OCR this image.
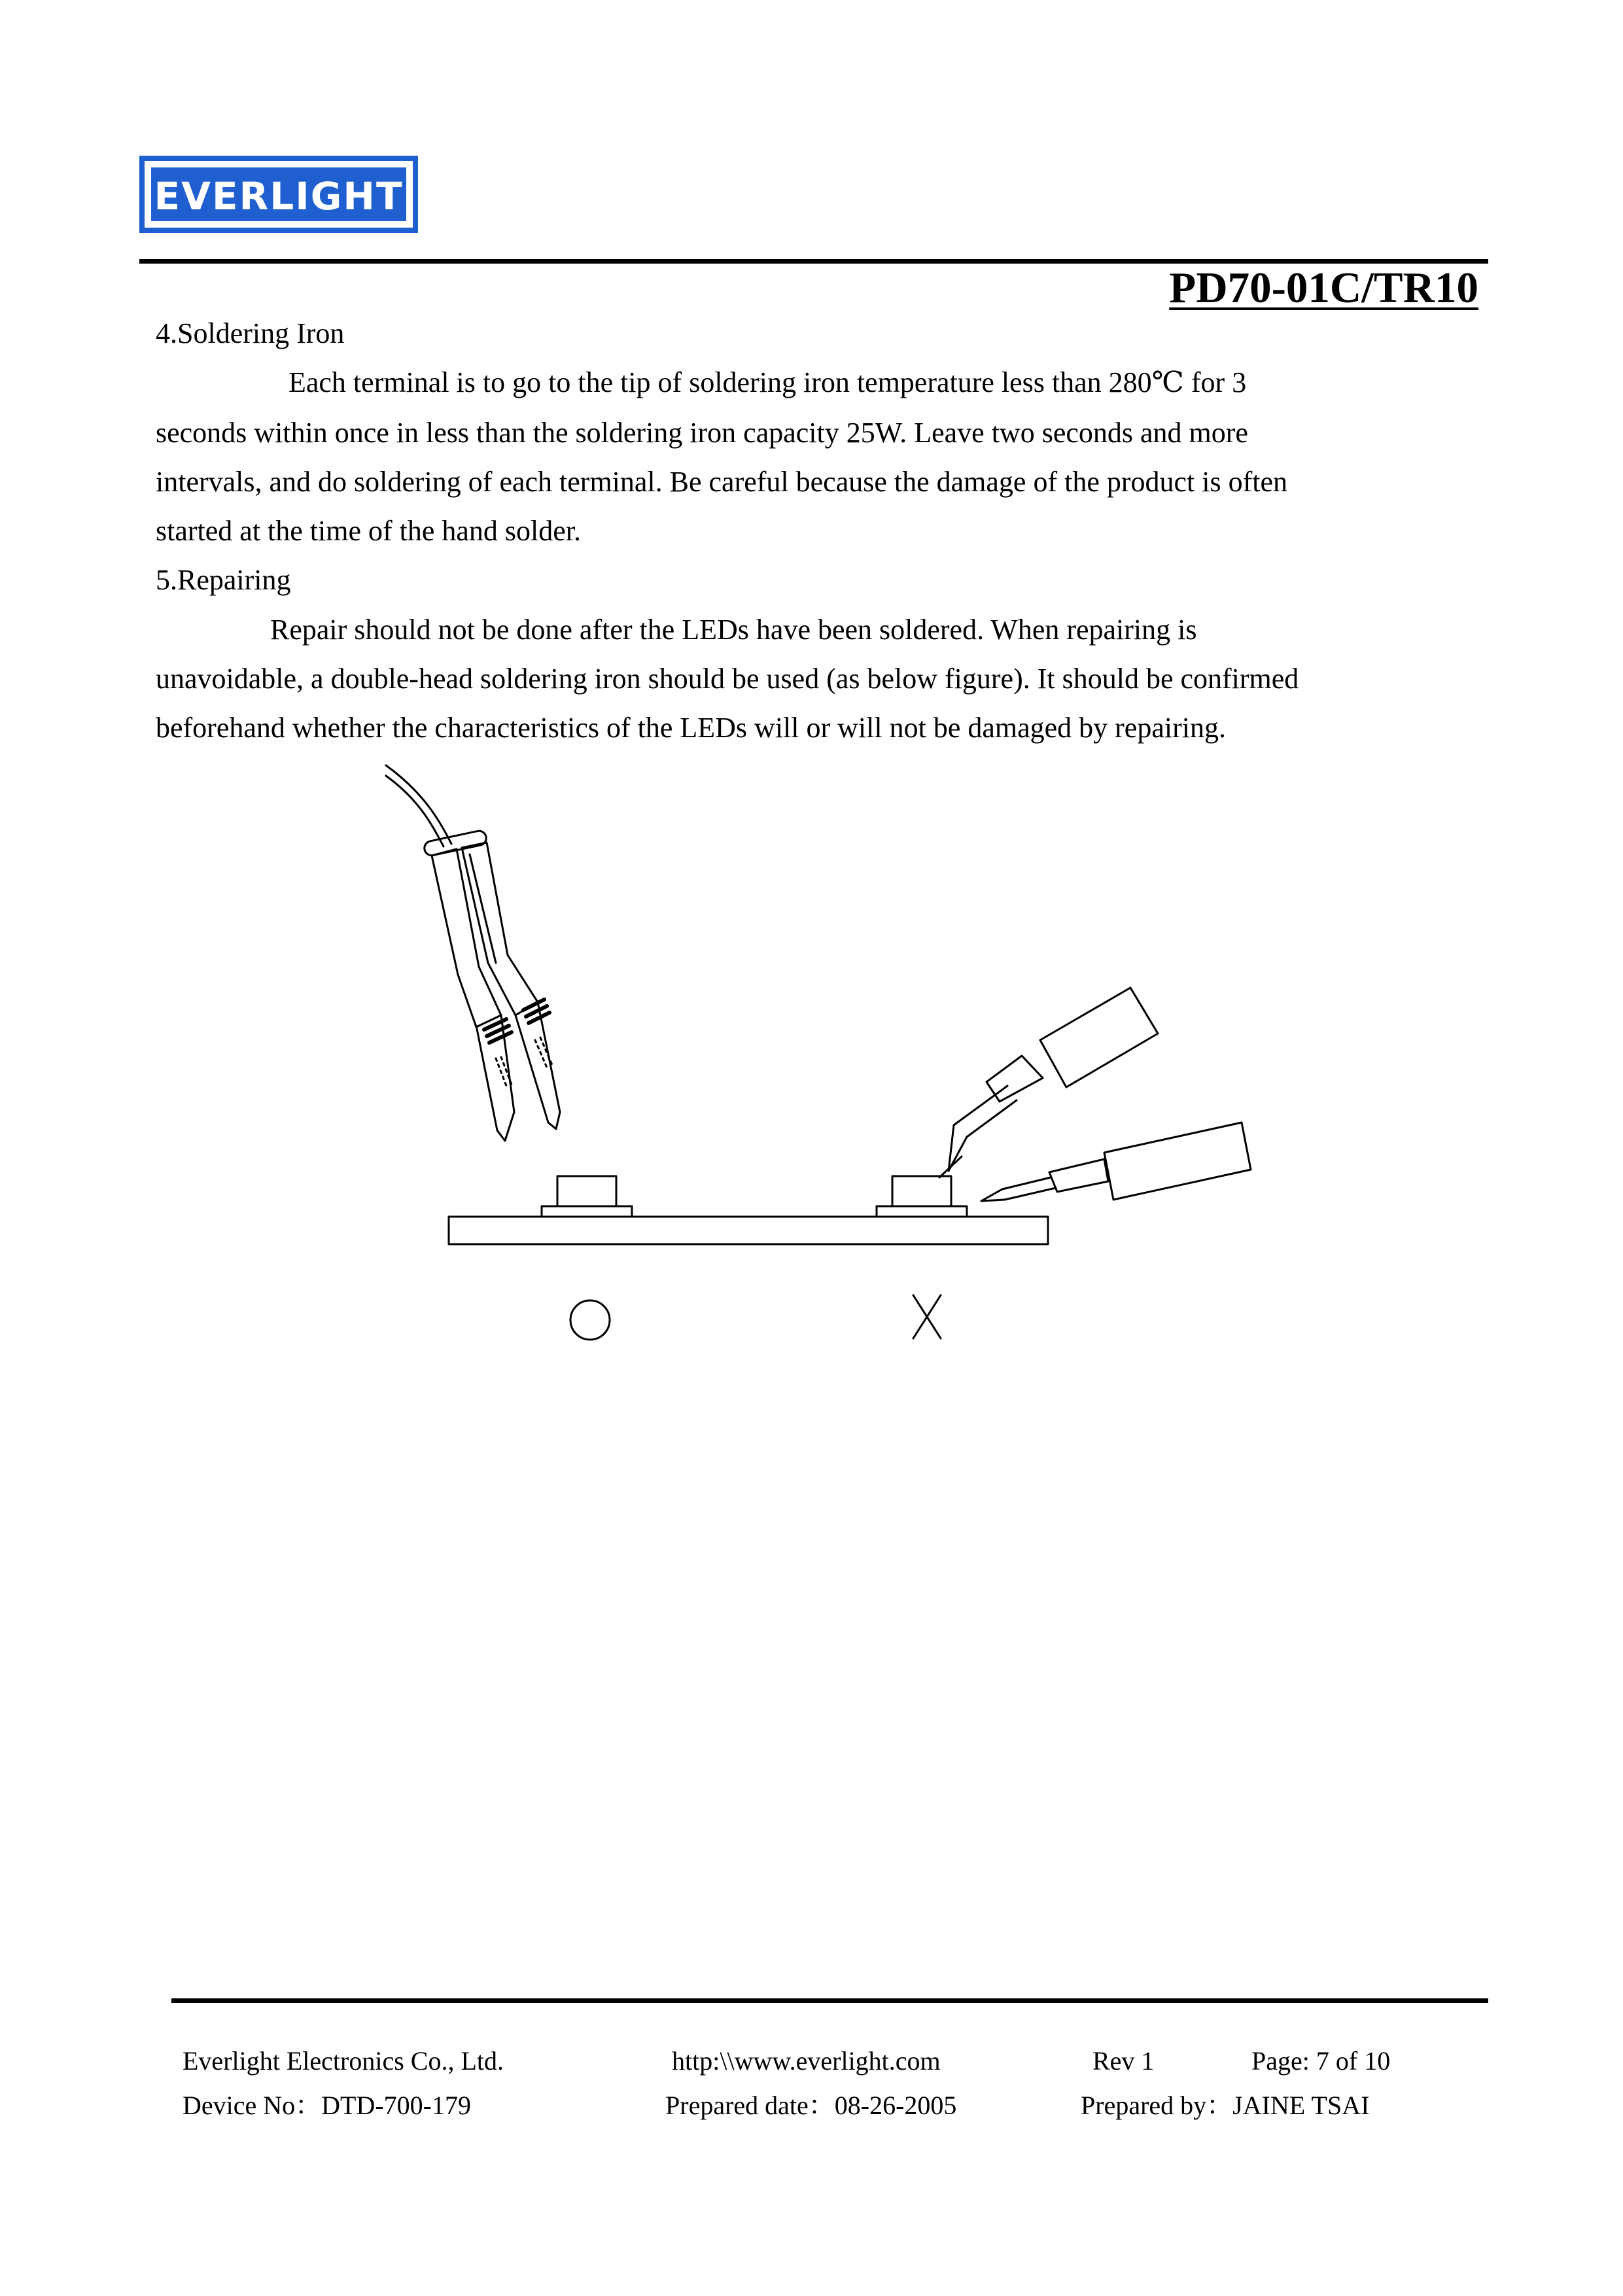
EVERLIGHT
PD70-01C/TR10
4.Soldering Iron
Each terminal is to go to the tip of soldering iron temperature less than 280℃ for 3
seconds within once in less than the soldering iron capacity 25W. Leave two seconds and more
intervals, and do soldering of each terminal. Be careful because the damage of the product is often
started at the time of the hand solder.
5.Repairing
Repair should not be done after the LEDs have been soldered. When repairing is
unavoidable, a double-head soldering iron should be used (as below figure). It should be confirmed
beforehand whether the characteristics of the LEDs will or will not be damaged by repairing.
Everlight Electronics Co., Ltd.	http:\\www.everlight.com	Rev 1	Page: 7 of 10
Device No：DTD-700-179	Prepared date：08-26-2005	Prepared by：JAINE TSAI
